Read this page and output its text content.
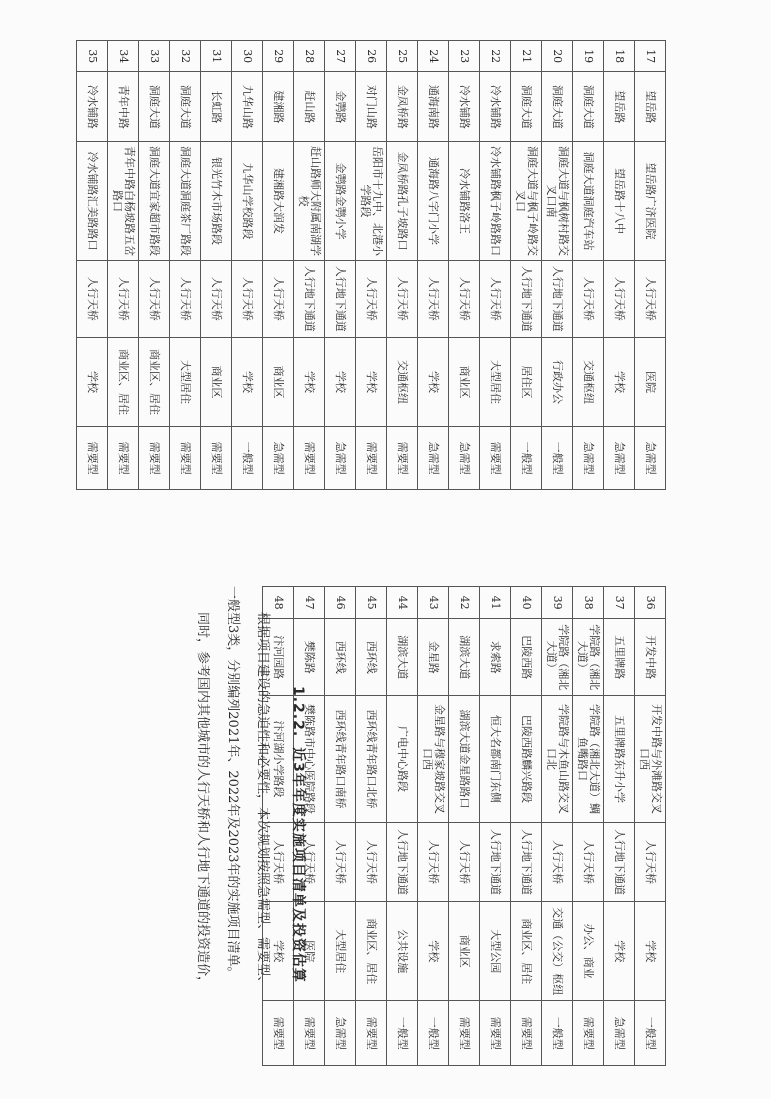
17	望岳路	望岳路广济医院	人行天桥	医院	急需型
18	望岳路	望岳路十八中	人行天桥	学校	急需型
19	洞庭大道	洞庭大道洞庭汽车站	人行天桥	交通枢纽	急需型
20	洞庭大道	洞庭大道与枫树村路交叉口南	人行地下通道	行政办公	一般型
21	洞庭大道	洞庭大道与枫子岭路交叉口	人行地下通道	居住区	一般型
22	冷水铺路	冷水铺路枫子岭路路口	人行天桥	大型居住	需要型
23	冷水铺路	冷水铺路洛王	人行天桥	商业区	急需型
24	通海南路	通海路八字门小学	人行天桥	学校	急需型
25	金凤桥路	金凤桥路孔子坡路口	人行天桥	交通枢纽	需要型
26	对门山路	岳阳市十九中、北港小学路段	人行天桥	学校	需要型
27	金鹗路	金鹗路金鹗小学	人行地下通道	学校	急需型
28	赶山路	赶山路师大附属南湖学校	人行地下通道	学校	需要型
29	建湘路	建湘路大润发	人行天桥	商业区	急需型
30	九华山路	九华山学校路段	人行天桥	学校	一般型
31	长虹路	银光竹木市场路段	人行天桥	商业区	需要型
32	洞庭大道	洞庭大道洞庭茶厂路段	人行天桥	大型居住	需要型
33	洞庭大道	洞庭大道宜家超市路段	人行天桥	商业区、居住	需要型
34	青年中路	青年中路白杨坡路五岔路口	人行天桥	商业区、居住	需要型
35	冷水铺路	冷水铺路汇美路路口	人行天桥	学校	需要型
36	开发中路	开发中路与外滩路交叉口西	人行天桥	学校	一般型
37	五里牌路	五里牌路东升小学	人行地下通道	学校	急需型
38	学院路（湘北大道）	学院路（湘北大道）鲷鱼嘴路口	人行天桥	办公、商业	需要型
39	学院路（湘北大道）	学院路与木鱼山路交叉口北	人行天桥	交通（公交）枢纽	一般型
40	巴陵西路	巴陵西路麟兴路段	人行地下通道	商业区、居住	需要型
41	求索路	恒大名都南门东侧	人行地下通道	大型公园	需要型
42	湖滨大道	湖滨大道金星路路口	人行天桥	商业区	需要型
43	金星路	金星路与穆家坡路交叉口西	人行天桥	学校	一般型
44	湖滨大道	广电中心路段	人行地下通道	公共设施	一般型
45	西环线	西环线青年路口北桥	人行天桥	商业区、居住	需要型
46	西环线	西环线青年路口南桥	人行天桥	大型居住	急需型
47	樊陈路	樊陈路市中心医院路段	人行天桥	医院	需要型
48	汴河园路	汴河湖小学路段	人行天桥	学校	需要型
1.2.2.近3年年度实施项目清单及投资估算
根据项目建设的急迫性和必要性，本次规划按照急需型、需要型、
一般型3类，分别编列2021年、2022年及2023年的实施项目清单。
同时，参考国内其他城市的人行天桥和人行地下通道的投资造价，
